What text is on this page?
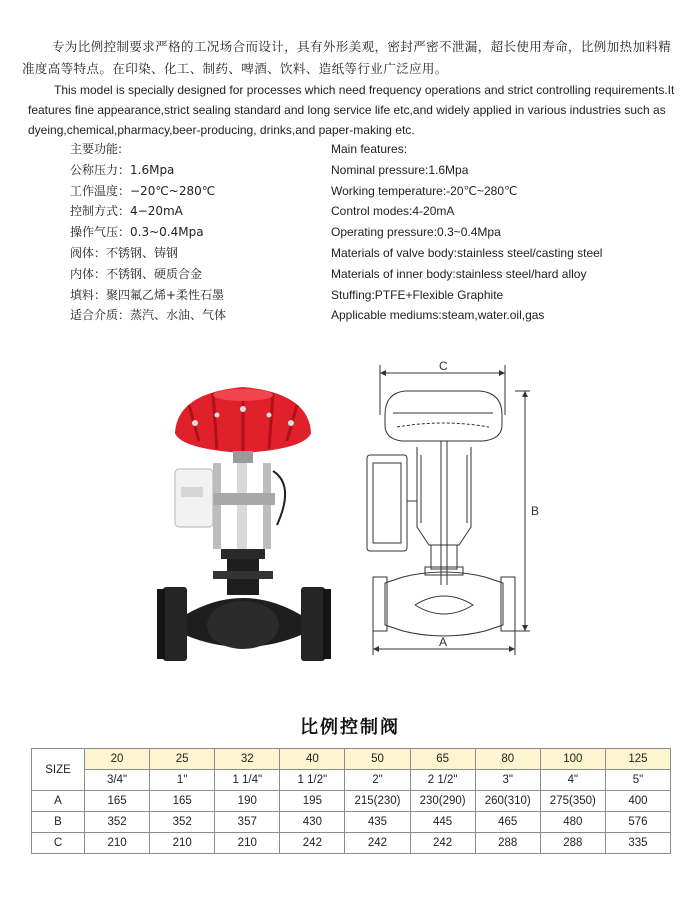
专为比例控制要求严格的工况场合而设计，具有外形美观，密封严密不泄漏，超长使用寿命，比例加热加料精准度高等特点。在印染、化工、制药、啤酒、饮料、造纸等行业广泛应用。
This model is specially designed for processes which need frequency operations and strict controlling requirements.It features fine appearance,strict sealing standard and long service life etc,and widely applied in various industries such as dyeing,chemical,pharmacy,beer-producing, drinks,and paper-making etc.
主要功能:
公称压力：1.6Mpa
工作温度：−20℃~280℃
控制方式：4−20mA
操作气压：0.3~0.4Mpa
阀体：不锈钢、铸钢
内体：不锈钢、硬质合金
填料：聚四氟乙烯+柔性石墨
适合介质：蒸汽、水油、气体
Main features:
Nominal pressure:1.6Mpa
Working temperature:-20℃~280℃
Control modes:4-20mA
Operating pressure:0.3~0.4Mpa
Materials of valve body:stainless steel/casting steel
Materials of inner body:stainless steel/hard alloy
Stuffing:PTFE+Flexible Graphite
Applicable mediums:steam,water.oil,gas
C
B
A
比例控制阀
SIZE	20	25	32	40	50	65	80	100	125
	3/4"	1"	1 1/4"	1 1/2"	2"	2 1/2"	3"	4"	5"
A	165	165	190	195	215(230)	230(290)	260(310)	275(350)	400
B	352	352	357	430	435	445	465	480	576
C	210	210	210	242	242	242	288	288	335
